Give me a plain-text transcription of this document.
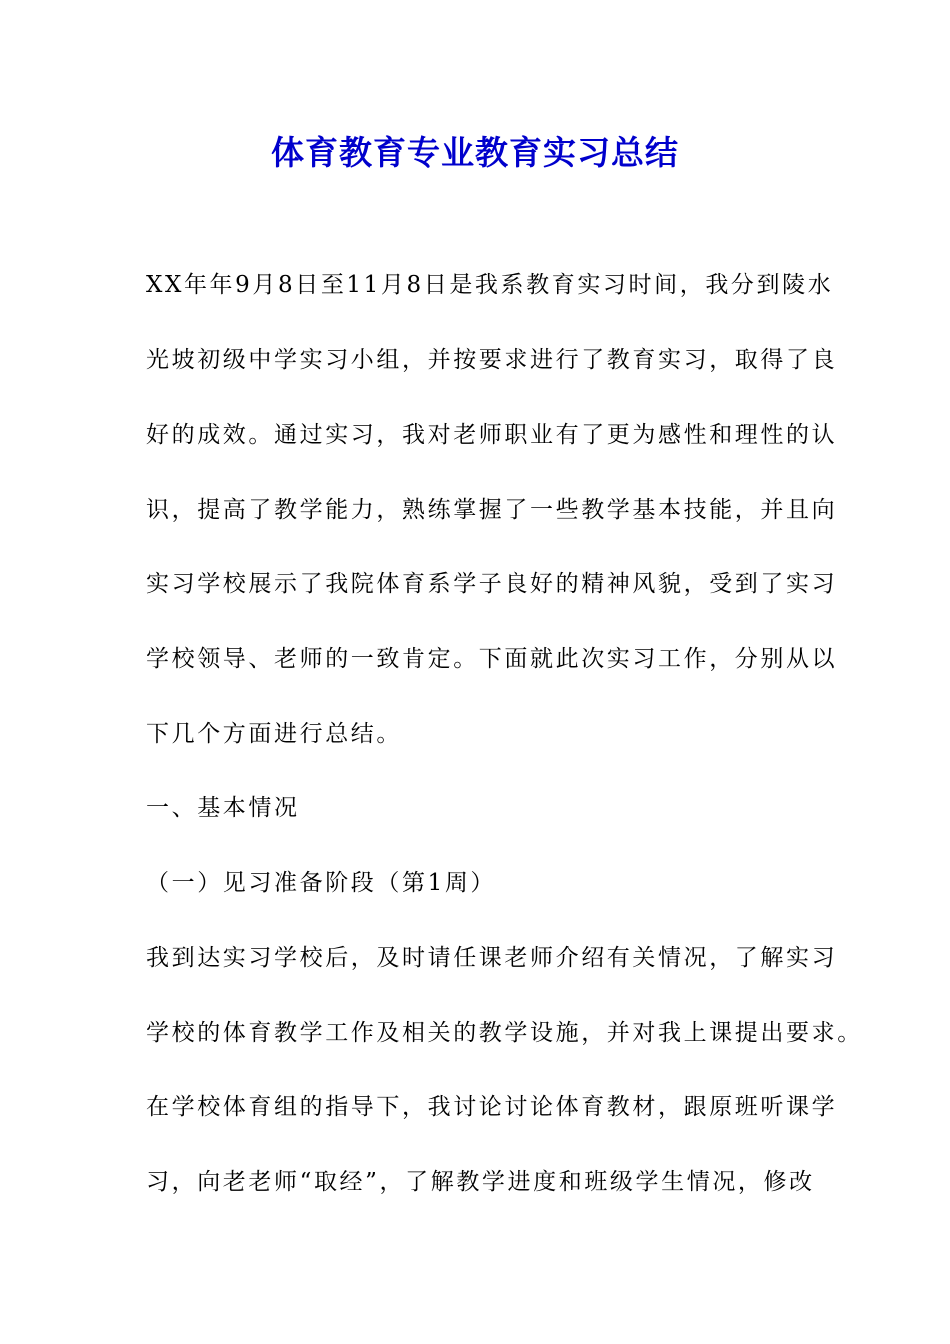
体育教育专业教育实习总结

XX年年9月8日至11月8日是我系教育实习时间，我分到陵水

光坡初级中学实习小组，并按要求进行了教育实习，取得了良

好的成效。通过实习，我对老师职业有了更为感性和理性的认

识，提高了教学能力，熟练掌握了一些教学基本技能，并且向

实习学校展示了我院体育系学子良好的精神风貌，受到了实习

学校领导、老师的一致肯定。下面就此次实习工作，分别从以

下几个方面进行总结。

一、基本情况

（一）见习准备阶段（第1周）

我到达实习学校后，及时请任课老师介绍有关情况，了解实习

学校的体育教学工作及相关的教学设施，并对我上课提出要求。

在学校体育组的指导下，我讨论讨论体育教材，跟原班听课学

习，向老老师“取经”，了解教学进度和班级学生情况，修改
